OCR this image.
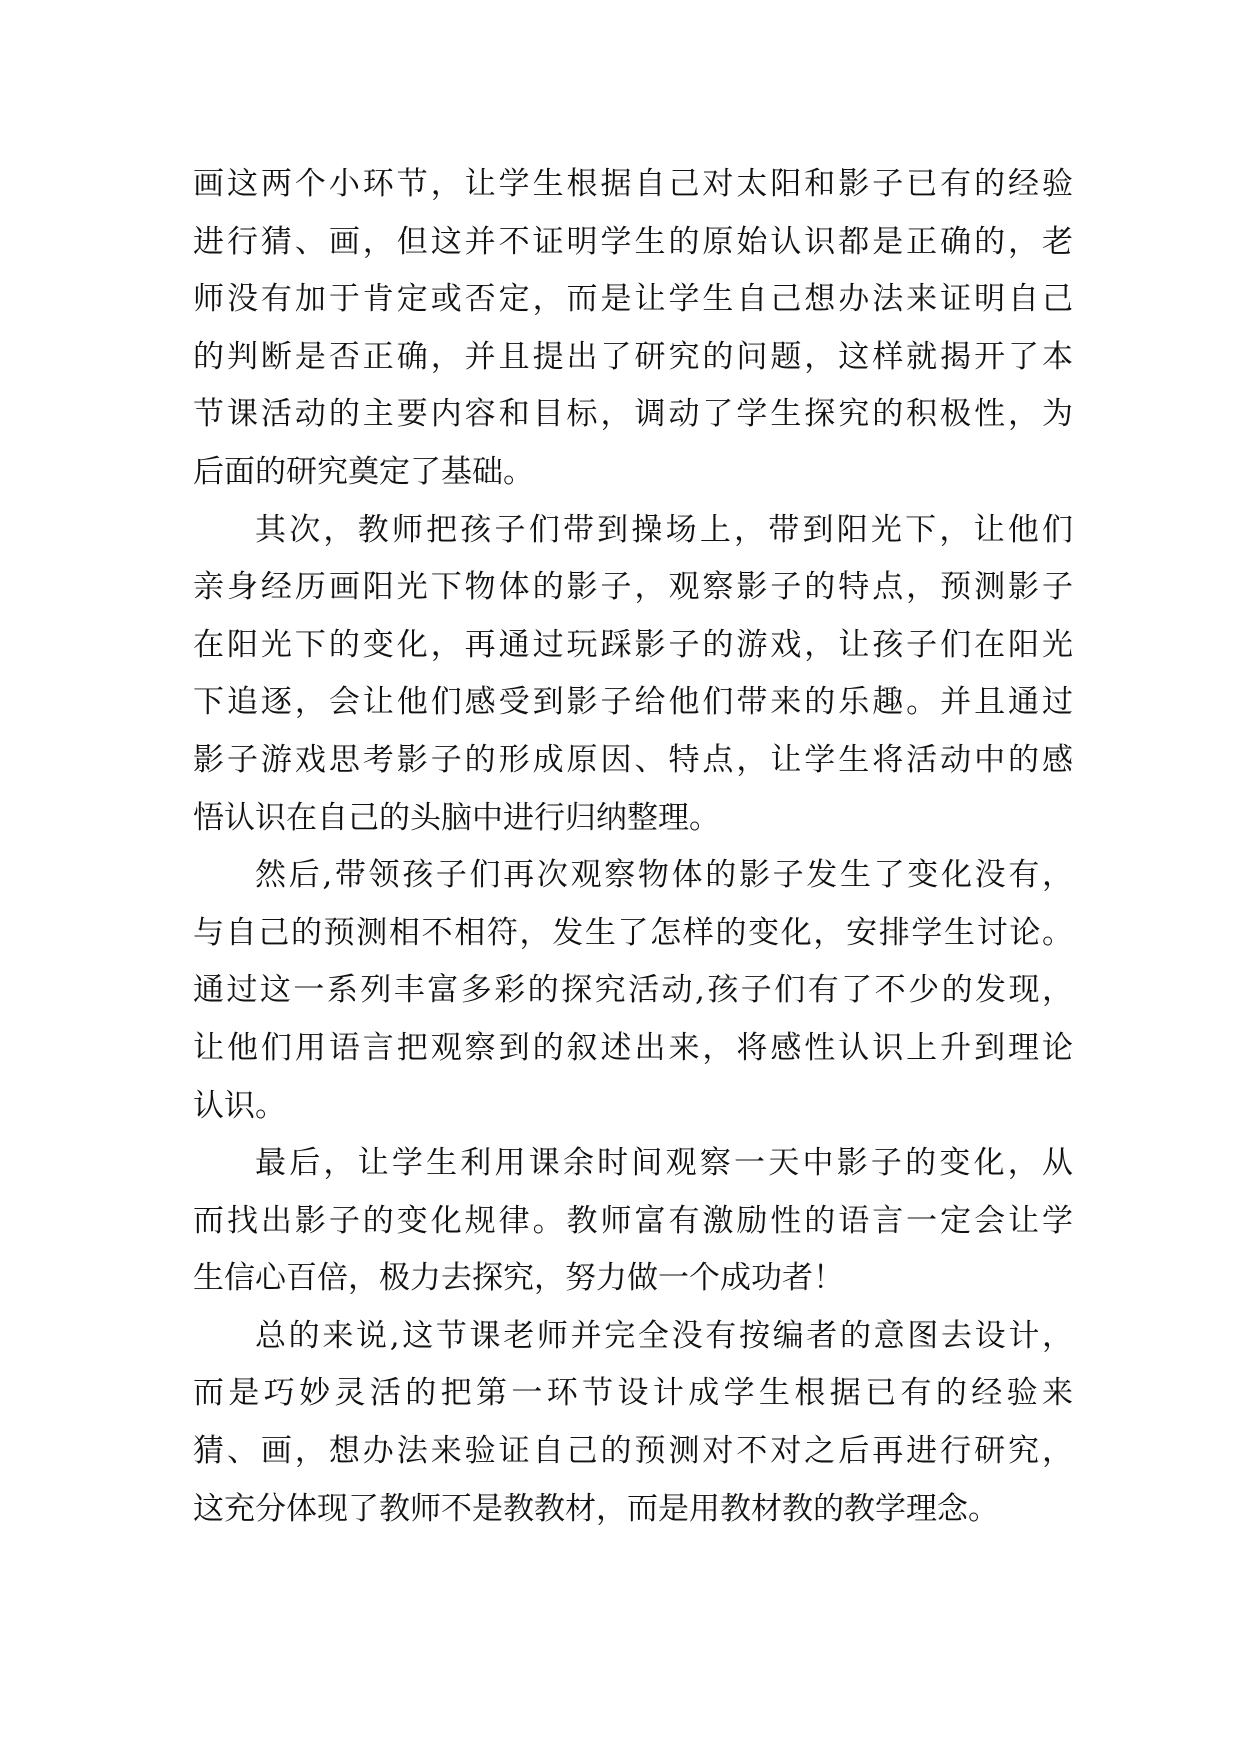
画这两个小环节，让学生根据自己对太阳和影子已有的经验
进行猜、画，但这并不证明学生的原始认识都是正确的，老
师没有加于肯定或否定，而是让学生自己想办法来证明自己
的判断是否正确，并且提出了研究的问题，这样就揭开了本
节课活动的主要内容和目标，调动了学生探究的积极性，为
后面的研究奠定了基础。
其次，教师把孩子们带到操场上，带到阳光下，让他们
亲身经历画阳光下物体的影子，观察影子的特点，预测影子
在阳光下的变化，再通过玩踩影子的游戏，让孩子们在阳光
下追逐，会让他们感受到影子给他们带来的乐趣。并且通过
影子游戏思考影子的形成原因、特点，让学生将活动中的感
悟认识在自己的头脑中进行归纳整理。
然后,带领孩子们再次观察物体的影子发生了变化没有，
与自己的预测相不相符，发生了怎样的变化，安排学生讨论。
通过这一系列丰富多彩的探究活动,孩子们有了不少的发现，
让他们用语言把观察到的叙述出来，将感性认识上升到理论
认识。
最后，让学生利用课余时间观察一天中影子的变化，从
而找出影子的变化规律。教师富有激励性的语言一定会让学
生信心百倍，极力去探究，努力做一个成功者！
总的来说,这节课老师并完全没有按编者的意图去设计，
而是巧妙灵活的把第一环节设计成学生根据已有的经验来
猜、画，想办法来验证自己的预测对不对之后再进行研究，
这充分体现了教师不是教教材，而是用教材教的教学理念。
